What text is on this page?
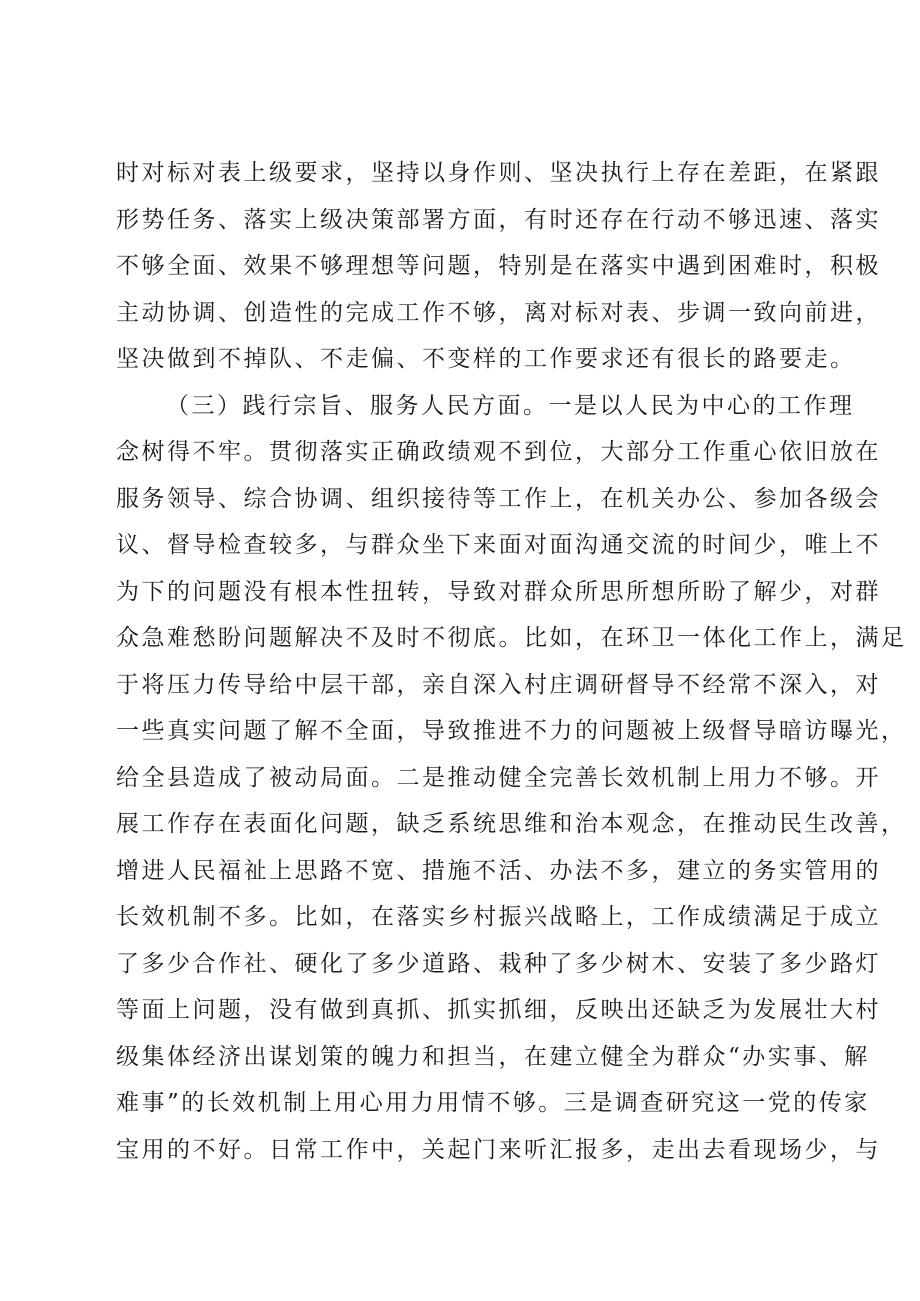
时对标对表上级要求，坚持以身作则、坚决执行上存在差距，在紧跟
形势任务、落实上级决策部署方面，有时还存在行动不够迅速、落实
不够全面、效果不够理想等问题，特别是在落实中遇到困难时，积极
主动协调、创造性的完成工作不够，离对标对表、步调一致向前进，
坚决做到不掉队、不走偏、不变样的工作要求还有很长的路要走。
（三）践行宗旨、服务人民方面。一是以人民为中心的工作理
念树得不牢。贯彻落实正确政绩观不到位，大部分工作重心依旧放在
服务领导、综合协调、组织接待等工作上，在机关办公、参加各级会
议、督导检查较多，与群众坐下来面对面沟通交流的时间少，唯上不
为下的问题没有根本性扭转，导致对群众所思所想所盼了解少，对群
众急难愁盼问题解决不及时不彻底。比如，在环卫一体化工作上，满足
于将压力传导给中层干部，亲自深入村庄调研督导不经常不深入，对
一些真实问题了解不全面，导致推进不力的问题被上级督导暗访曝光，
给全县造成了被动局面。二是推动健全完善长效机制上用力不够。开
展工作存在表面化问题，缺乏系统思维和治本观念，在推动民生改善，
增进人民福祉上思路不宽、措施不活、办法不多，建立的务实管用的
长效机制不多。比如，在落实乡村振兴战略上，工作成绩满足于成立
了多少合作社、硬化了多少道路、栽种了多少树木、安装了多少路灯
等面上问题，没有做到真抓、抓实抓细，反映出还缺乏为发展壮大村
级集体经济出谋划策的魄力和担当，在建立健全为群众“办实事、解
难事”的长效机制上用心用力用情不够。三是调查研究这一党的传家
宝用的不好。日常工作中，关起门来听汇报多，走出去看现场少，与
